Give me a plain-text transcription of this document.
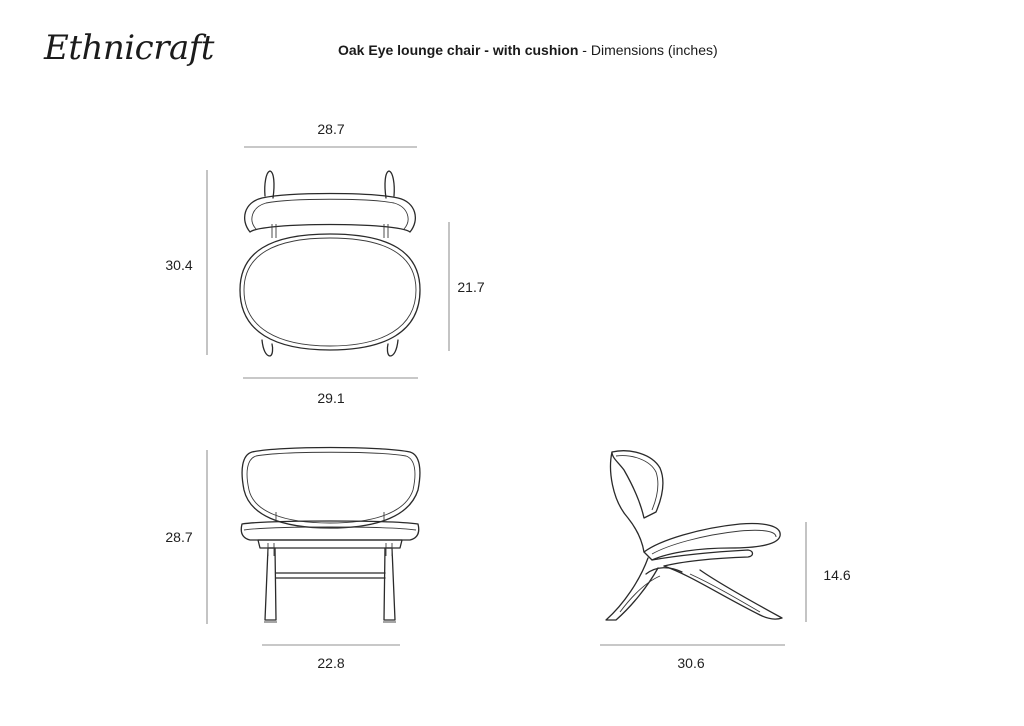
Ethnicraft	Oak Eye lounge chair - with cushion - Dimensions (inches)
28.7
30.4
21.7
29.1
28.7
22.8
14.6
30.6
